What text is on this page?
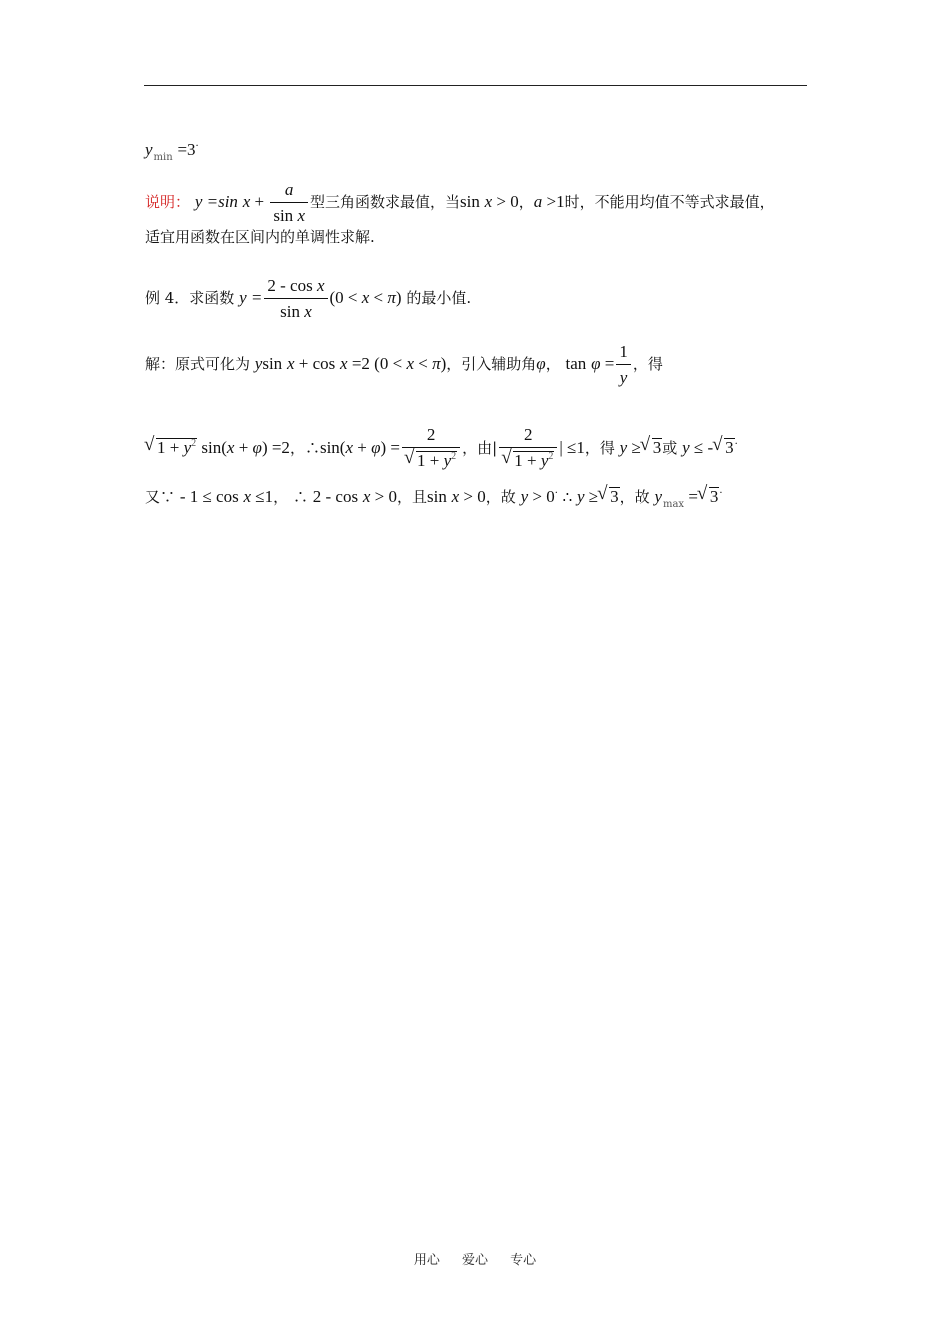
$y_{min} =3^\cdot$
说明： y =sin $x + \frac{a}{\text{sin x}}$ 型三角函数求最值，当sin x > 0，a >1时，不能用均值不等式求最值，
适宜用函数在区间内的单调性求解.
例 4．求函数 $y = \frac{\text{2 - cos x}}{\text{sin x}} (0 < x < \pi)$ 的最小值.
解：原式可化为 ysin x + cos x =2 (0 < x < π)，引入辅助角φ， $\tan \varphi = \frac{1}{y}$ ，得
√ $1 + y^2$ sin(x + φ) =2，∴sin(x + $\varphi) = \frac{2}{√ 1 + y^2}$ ，由| $\frac{2}{√ 1 + y^2}$ | ≤1，得 y ≥ √ 3或 y ≤ - √ 3·
又∵ - 1 ≤ cos x ≤1， ∴ 2 - cos x > 0，且sin x > 0，故 y > 0· ∴ y ≥ √ 3，故 $y_{max}$ = √ 3·
用心 爱心 专心
